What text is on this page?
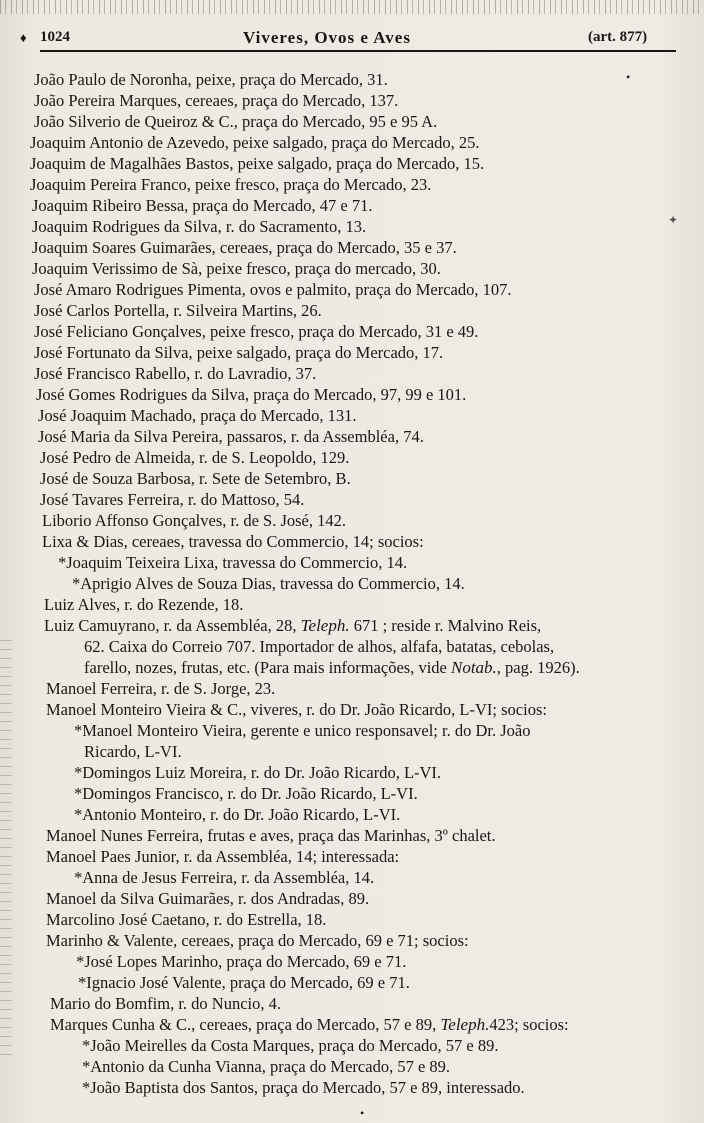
♦ 1024	Viveres, Ovos e Aves	(art. 877)
•
✦
João Paulo de Noronha, peixe, praça do Mercado, 31.
João Pereira Marques, cereaes, praça do Mercado, 137.
João Silverio de Queiroz & C., praça do Mercado, 95 e 95 A.
Joaquim Antonio de Azevedo, peixe salgado, praça do Mercado, 25.
Joaquim de Magalhães Bastos, peixe salgado, praça do Mercado, 15.
Joaquim Pereira Franco, peixe fresco, praça do Mercado, 23.
Joaquim Ribeiro Bessa, praça do Mercado, 47 e 71.
Joaquim Rodrigues da Silva, r. do Sacramento, 13.
Joaquim Soares Guimarães, cereaes, praça do Mercado, 35 e 37.
Joaquim Verissimo de Sà, peixe fresco, praça do mercado, 30.
José Amaro Rodrigues Pimenta, ovos e palmito, praça do Mercado, 107.
José Carlos Portella, r. Silveira Martins, 26.
José Feliciano Gonçalves, peixe fresco, praça do Mercado, 31 e 49.
José Fortunato da Silva, peixe salgado, praça do Mercado, 17.
José Francisco Rabello, r. do Lavradio, 37.
José Gomes Rodrigues da Silva, praça do Mercado, 97, 99 e 101.
José Joaquim Machado, praça do Mercado, 131.
José Maria da Silva Pereira, passaros, r. da Assembléa, 74.
José Pedro de Almeida, r. de S. Leopoldo, 129.
José de Souza Barbosa, r. Sete de Setembro, B.
José Tavares Ferreira, r. do Mattoso, 54.
Liborio Affonso Gonçalves, r. de S. José, 142.
Lixa & Dias, cereaes, travessa do Commercio, 14; socios:
*Joaquim Teixeira Lixa, travessa do Commercio, 14.
*Aprigio Alves de Souza Dias, travessa do Commercio, 14.
Luiz Alves, r. do Rezende, 18.
Luiz Camuyrano, r. da Assembléa, 28, Teleph. 671 ; reside r. Malvino Reis,
62. Caixa do Correio 707. Importador de alhos, alfafa, batatas, cebolas,
farello, nozes, frutas, etc. (Para mais informações, vide Notab., pag. 1926).
Manoel Ferreira, r. de S. Jorge, 23.
Manoel Monteiro Vieira & C., viveres, r. do Dr. João Ricardo, L-VI; socios:
*Manoel Monteiro Vieira, gerente e unico responsavel; r. do Dr. João
Ricardo, L-VI.
*Domingos Luiz Moreira, r. do Dr. João Ricardo, L-VI.
*Domingos Francisco, r. do Dr. João Ricardo, L-VI.
*Antonio Monteiro, r. do Dr. João Ricardo, L-VI.
Manoel Nunes Ferreira, frutas e aves, praça das Marinhas, 3º chalet.
Manoel Paes Junior, r. da Assembléa, 14; interessada:
*Anna de Jesus Ferreira, r. da Assembléa, 14.
Manoel da Silva Guimarães, r. dos Andradas, 89.
Marcolino José Caetano, r. do Estrella, 18.
Marinho & Valente, cereaes, praça do Mercado, 69 e 71; socios:
*José Lopes Marinho, praça do Mercado, 69 e 71.
*Ignacio José Valente, praça do Mercado, 69 e 71.
Mario do Bomfim, r. do Nuncio, 4.
Marques Cunha & C., cereaes, praça do Mercado, 57 e 89, Teleph.423; socios:
*João Meirelles da Costa Marques, praça do Mercado, 57 e 89.
*Antonio da Cunha Vianna, praça do Mercado, 57 e 89.
*João Baptista dos Santos, praça do Mercado, 57 e 89, interessado.
•
